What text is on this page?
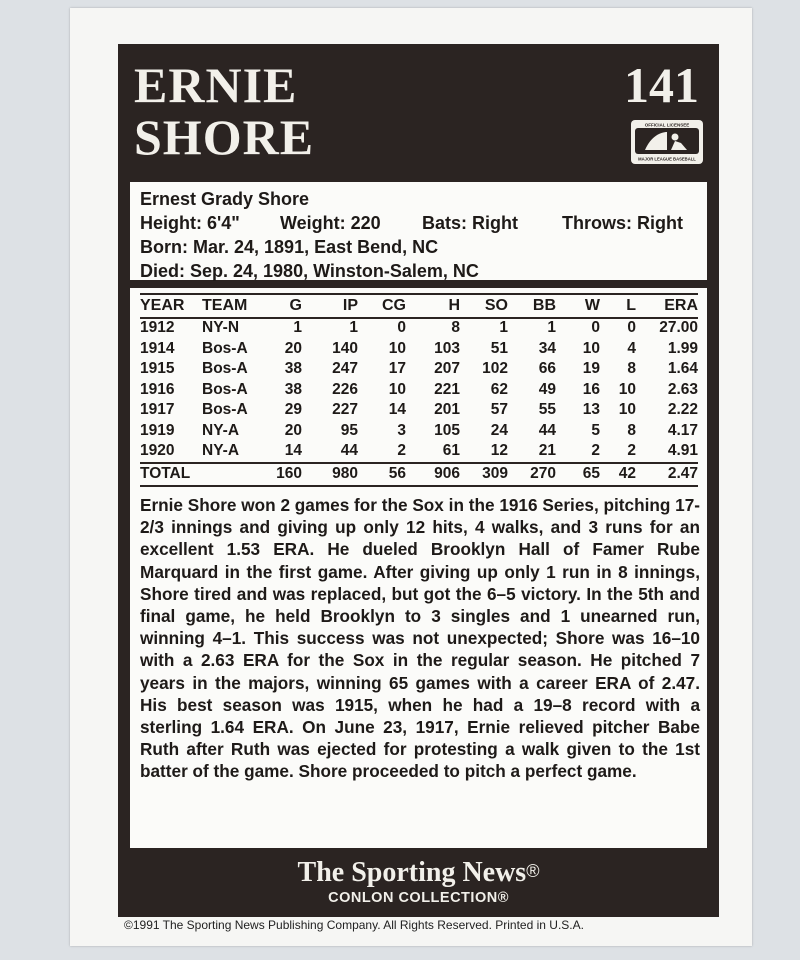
ERNIE
SHORE
141
OFFICIAL LICENSEE
MAJOR LEAGUE BASEBALL
Ernest Grady Shore
Height: 6'4" Weight: 220 Bats: Right Throws: Right
Born: Mar. 24, 1891, East Bend, NC
Died: Sep. 24, 1980, Winston-Salem, NC
YEAR	TEAM	G	IP	CG	H	SO	BB	W	L	ERA
1912	NY-N	1	1	0	8	1	1	0	0	27.00
1914	Bos-A	20	140	10	103	51	34	10	4	1.99
1915	Bos-A	38	247	17	207	102	66	19	8	1.64
1916	Bos-A	38	226	10	221	62	49	16	10	2.63
1917	Bos-A	29	227	14	201	57	55	13	10	2.22
1919	NY-A	20	95	3	105	24	44	5	8	4.17
1920	NY-A	14	44	2	61	12	21	2	2	4.91
TOTAL		160	980	56	906	309	270	65	42	2.47
Ernie Shore won 2 games for the Sox in the 1916 Series, pitching 17-2/3 innings and giving up only 12 hits, 4 walks, and 3 runs for an excellent 1.53 ERA. He dueled Brooklyn Hall of Famer Rube Marquard in the first game. After giving up only 1 run in 8 innings, Shore tired and was replaced, but got the 6–5 victory. In the 5th and final game, he held Brooklyn to 3 singles and 1 unearned run, winning 4–1. This success was not unexpected; Shore was 16–10 with a 2.63 ERA for the Sox in the regular season. He pitched 7 years in the majors, winning 65 games with a career ERA of 2.47. His best season was 1915, when he had a 19–8 record with a sterling 1.64 ERA. On June 23, 1917, Ernie relieved pitcher Babe Ruth after Ruth was ejected for protesting a walk given to the 1st batter of the game. Shore proceeded to pitch a perfect game.
The Sporting News®
CONLON COLLECTION®
©1991 The Sporting News Publishing Company. All Rights Reserved. Printed in U.S.A.
